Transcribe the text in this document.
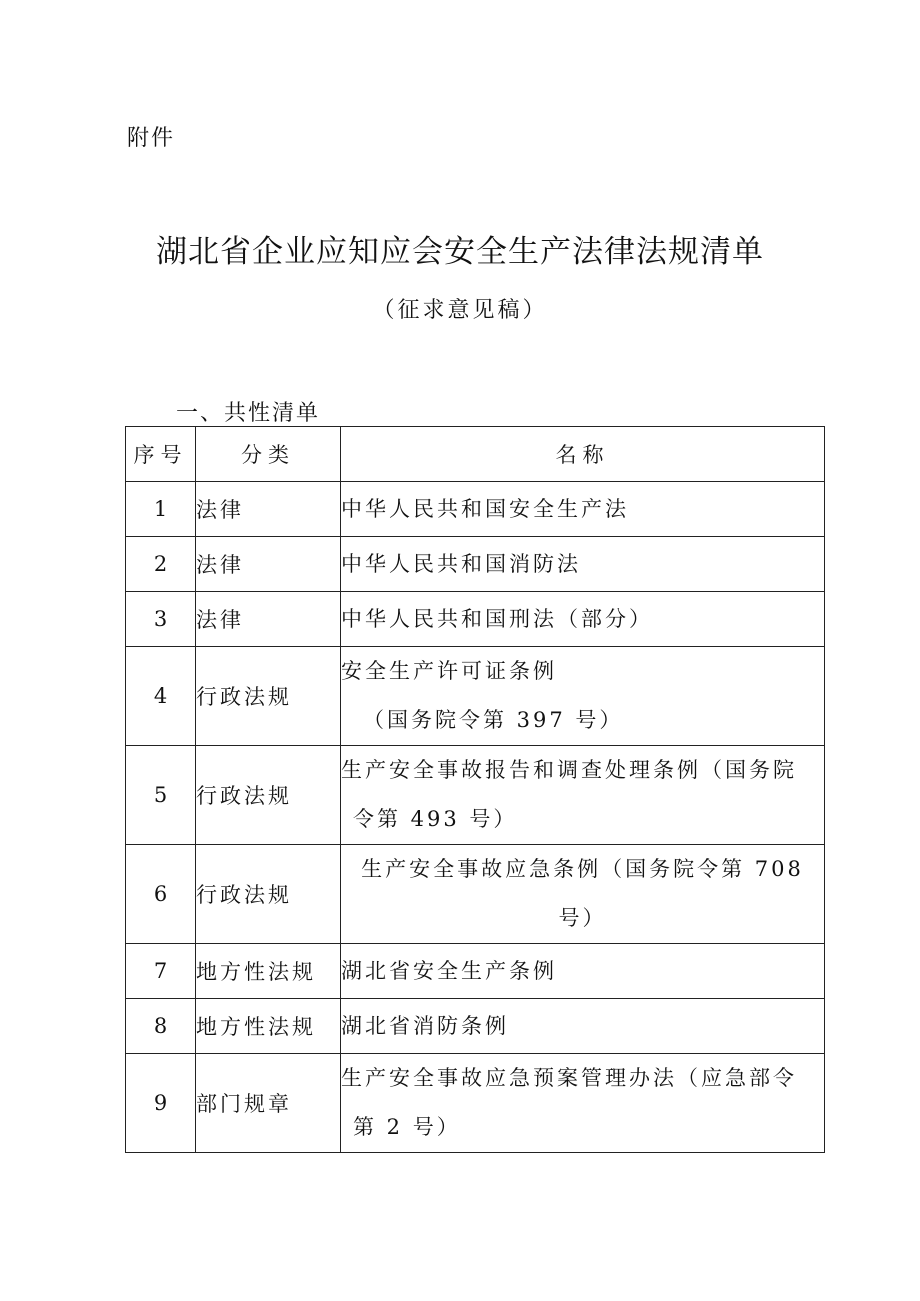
附件
湖北省企业应知应会安全生产法律法规清单
（征求意见稿）
一、共性清单
序号	分类	名称
1	法律	中华人民共和国安全生产法
2	法律	中华人民共和国消防法
3	法律	中华人民共和国刑法（部分）
4	行政法规	安全生产许可证条例
（国务院令第 397 号）

5	行政法规	生产安全事故报告和调查处理条例（国务院
令第 493 号）

6	行政法规	生产安全事故应急条例（国务院令第 708
号）

7	地方性法规	湖北省安全生产条例
8	地方性法规	湖北省消防条例
9	部门规章	生产安全事故应急预案管理办法（应急部令
第 2 号）
